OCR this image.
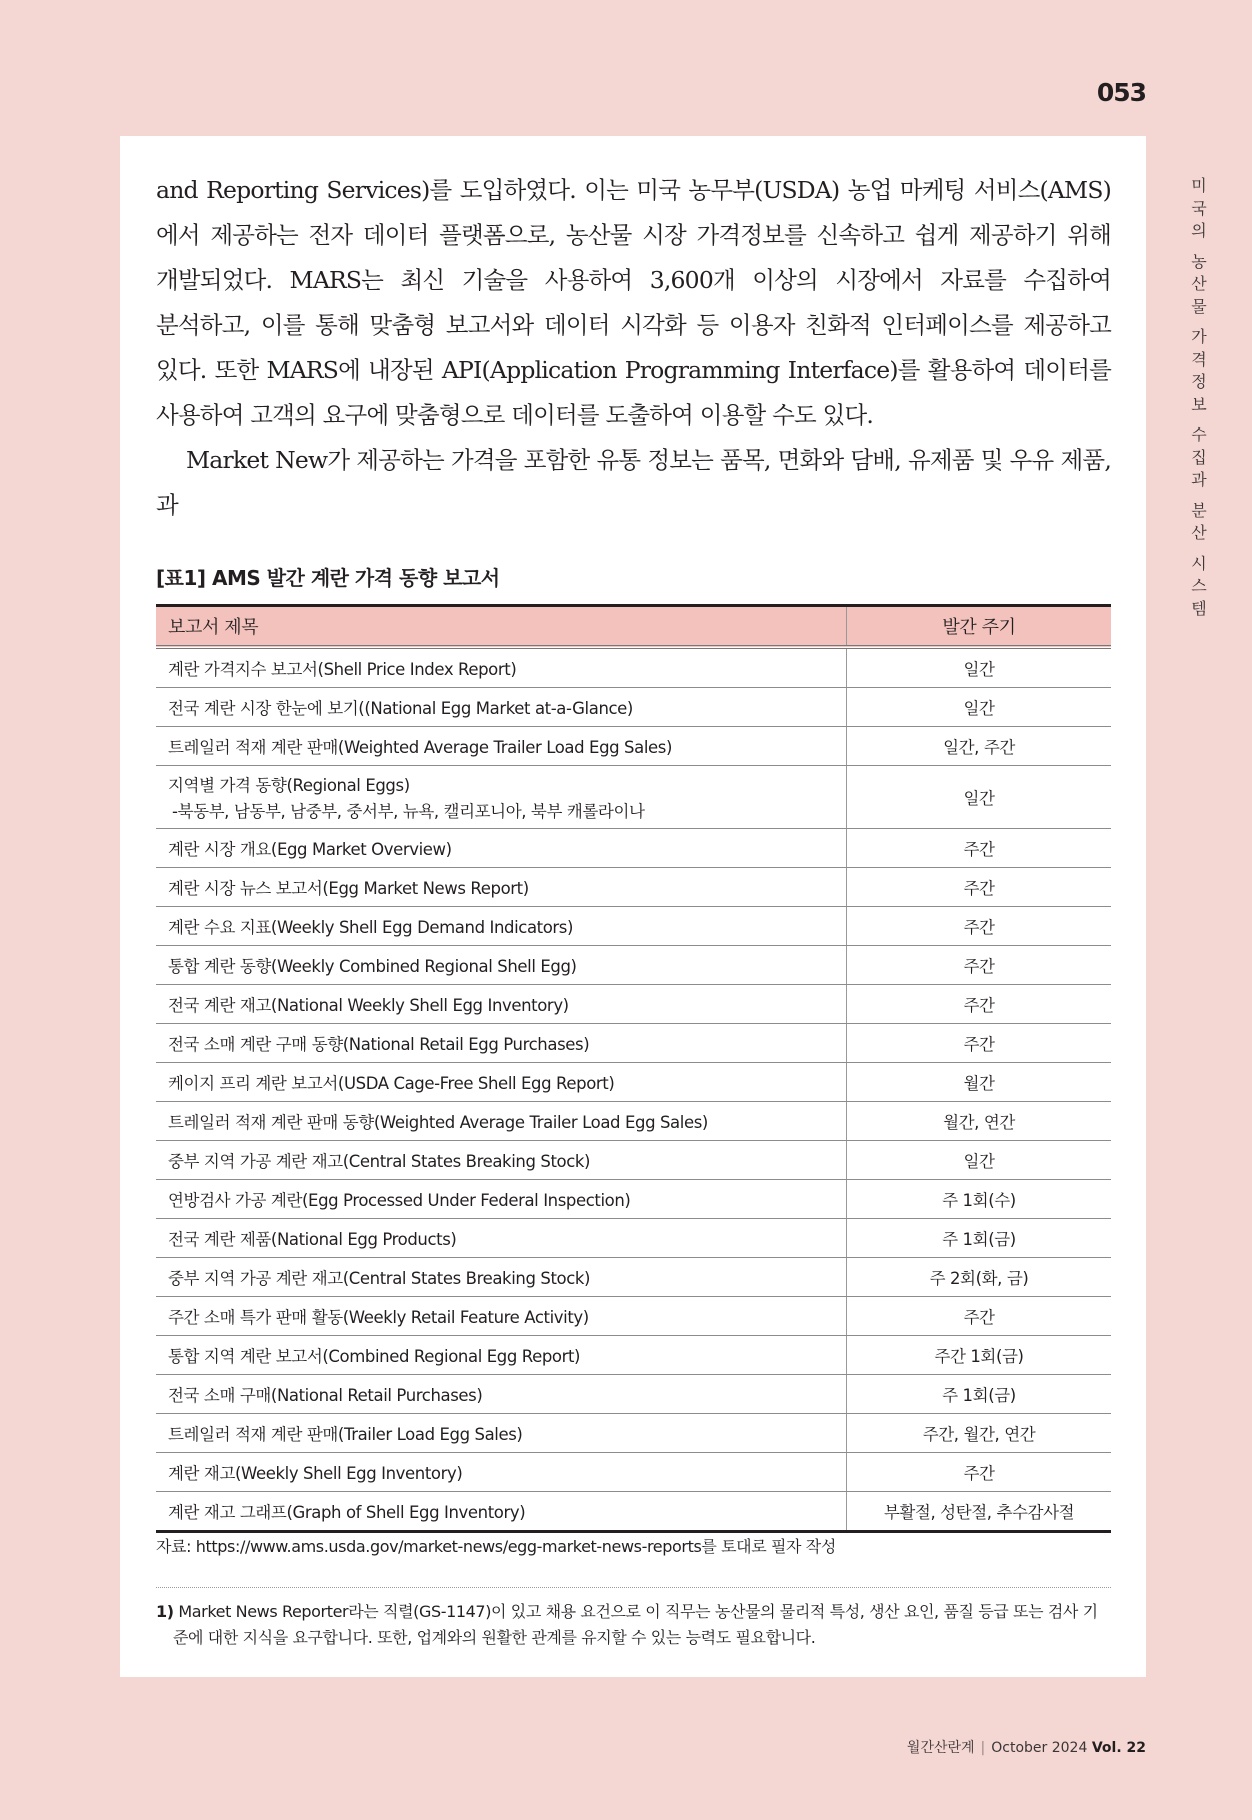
053
미
국
의
농
산
물
가
격
정
보
수
집
과
분
산
시
스
템

and Reporting Services)를 도입하였다. 이는 미국 농무부(USDA) 농업 마케팅 서비스(AMS)에서 제공하는 전자 데이터 플랫폼으로, 농산물 시장 가격정보를 신속하고 쉽게 제공하기 위해 개발되었다. MARS는 최신 기술을 사용하여 3,600개 이상의 시장에서 자료를 수집하여 분석하고, 이를 통해 맞춤형 보고서와 데이터 시각화 등 이용자 친화적 인터페이스를 제공하고 있다. 또한 MARS에 내장된 API(Application Programming Interface)를 활용하여 데이터를 사용하여 고객의 요구에 맞춤형으로 데이터를 도출하여 이용할 수도 있다.

Market New가 제공하는 가격을 포함한 유통 정보는 품목, 면화와 담배, 유제품 및 우유 제품, 과

[표1] AMS 발간 계란 가격 동향 보고서
보고서 제목	발간 주기
계란 가격지수 보고서(Shell Price Index Report)	일간
전국 계란 시장 한눈에 보기((National Egg Market at-a-Glance)	일간
트레일러 적재 계란 판매(Weighted Average Trailer Load Egg Sales)	일간, 주간
지역별 가격 동향(Regional Eggs)
-북동부, 남동부, 남중부, 중서부, 뉴욕, 캘리포니아, 북부 캐롤라이나	일간
계란 시장 개요(Egg Market Overview)	주간
계란 시장 뉴스 보고서(Egg Market News Report)	주간
계란 수요 지표(Weekly Shell Egg Demand Indicators)	주간
통합 계란 동향(Weekly Combined Regional Shell Egg)	주간
전국 계란 재고(National Weekly Shell Egg Inventory)	주간
전국 소매 계란 구매 동향(National Retail Egg Purchases)	주간
케이지 프리 계란 보고서(USDA Cage-Free Shell Egg Report)	월간
트레일러 적재 계란 판매 동향(Weighted Average Trailer Load Egg Sales)	월간, 연간
중부 지역 가공 계란 재고(Central States Breaking Stock)	일간
연방검사 가공 계란(Egg Processed Under Federal Inspection)	주 1회(수)
전국 계란 제품(National Egg Products)	주 1회(금)
중부 지역 가공 계란 재고(Central States Breaking Stock)	주 2회(화, 금)
주간 소매 특가 판매 활동(Weekly Retail Feature Activity)	주간
통합 지역 계란 보고서(Combined Regional Egg Report)	주간 1회(금)
전국 소매 구매(National Retail Purchases)	주 1회(금)
트레일러 적재 계란 판매(Trailer Load Egg Sales)	주간, 월간, 연간
계란 재고(Weekly Shell Egg Inventory)	주간
계란 재고 그래프(Graph of Shell Egg Inventory)	부활절, 성탄절, 추수감사절
자료: https://www.ams.usda.gov/market-news/egg-market-news-reports를 토대로 필자 작성
1) Market News Reporter라는 직렬(GS-1147)이 있고 채용 요건으로 이 직무는 농산물의 물리적 특성, 생산 요인, 품질 등급 또는 검사 기준에 대한 지식을 요구합니다. 또한, 업계와의 원활한 관계를 유지할 수 있는 능력도 필요합니다.
월간산란계 | October 2024 Vol. 22
